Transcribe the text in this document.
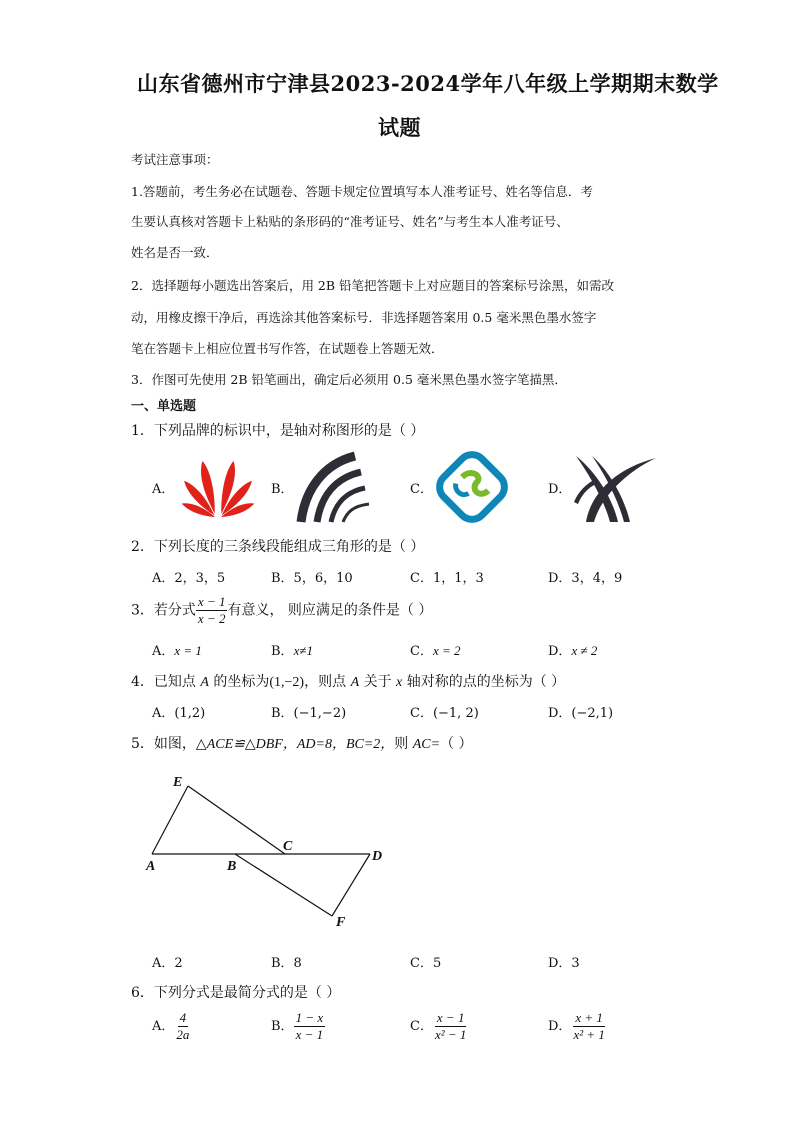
山东省德州市宁津县2023-2024学年八年级上学期期末数学
试题
考试注意事项：
1.答题前，考生务必在试题卷、答题卡规定位置填写本人准考证号、姓名等信息．考
生要认真核对答题卡上粘贴的条形码的“准考证号、姓名”与考生本人准考证号、
姓名是否一致．
2．选择题每小题选出答案后，用 2B 铅笔把答题卡上对应题目的答案标号涂黑，如需改
动，用橡皮擦干净后，再选涂其他答案标号．非选择题答案用 0.5 毫米黑色墨水签字
笔在答题卡上相应位置书写作答，在试题卷上答题无效．
3．作图可先使用 2B 铅笔画出，确定后必须用 0.5 毫米黑色墨水签字笔描黑．
一、单选题
1．下列品牌的标识中，是轴对称图形的是（ ）
A．	B．	C．	D．
2．下列长度的三条线段能组成三角形的是（ ）
A．2，3，5	B．5，6，10	C．1，1，3	D．3，4，9
3．若分式 $\frac{x - 1}{x - 2}$ 有意义， 则应满足的条件是（ ）
A．x = 1	B．x≠1	C．x = 2	D．x ≠ 2
4．已知点 A 的坐标为(1,−2)，则点 A 关于 x 轴对称的点的坐标为（ ）
A．(1,2)	B．(−1,−2)	C．(−1, 2)	D．(−2,1)
5．如图，△ACE≌△DBF，AD=8，BC=2，则 AC=（ ）
E
A	B
C
D
F
A．2	B．8	C．5	D．3
6．下列分式是最简分式的是（ ）
A． $\frac{4}{2a}$	B． $\frac{1 - x}{x - 1}$	C． $\frac{x - 1}{\text{x² − 1}}$	D． $\frac{x + 1}{\text{x² + 1}}$
